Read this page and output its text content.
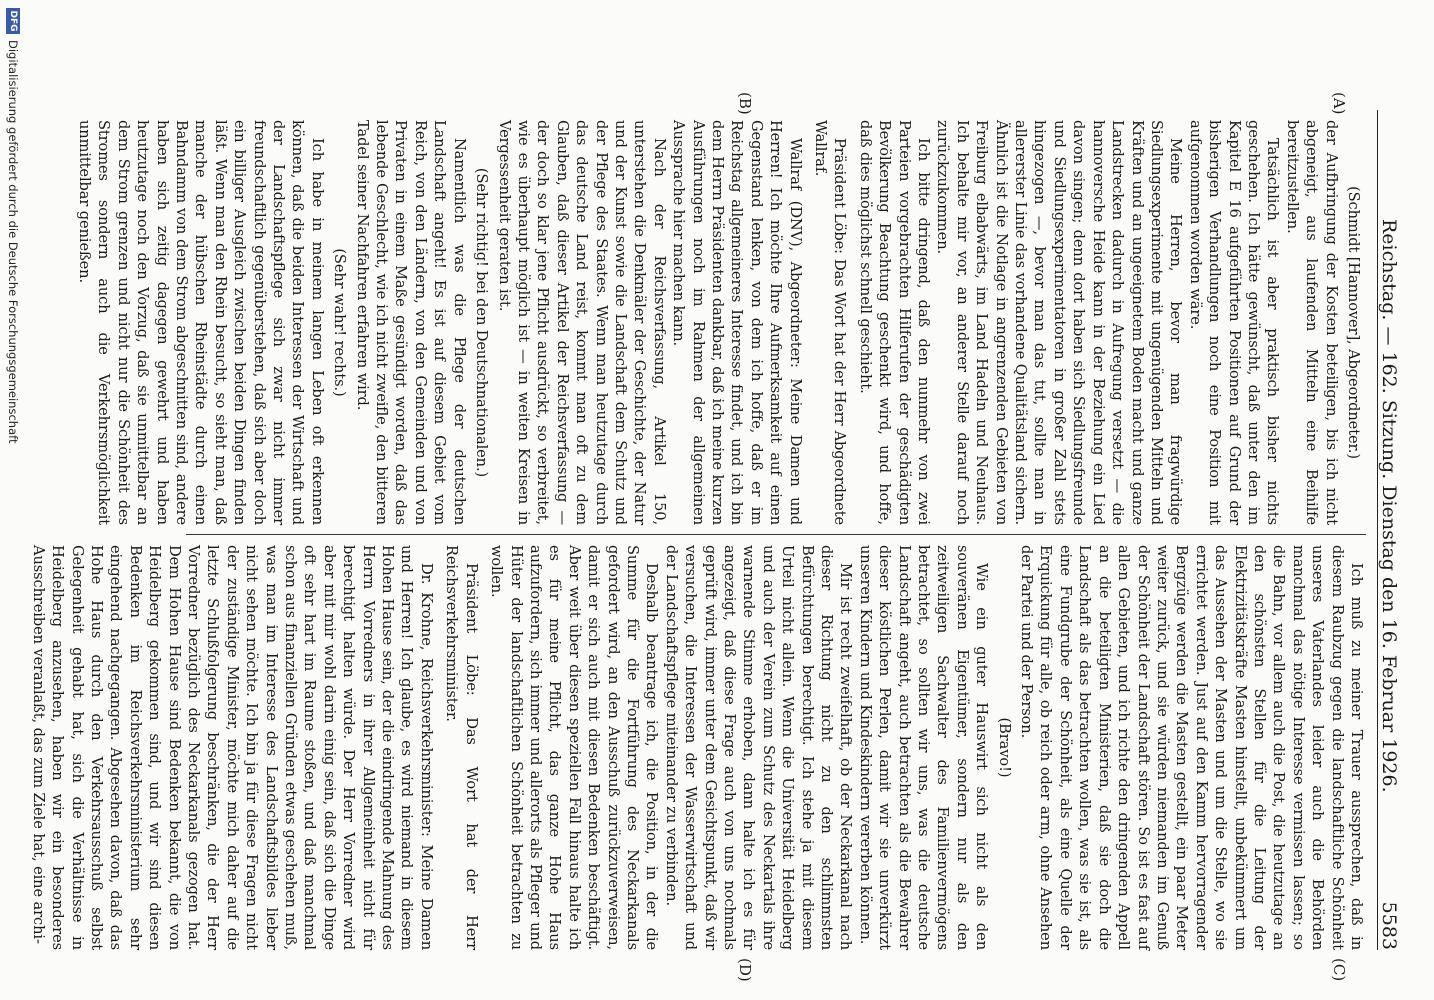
Reichstag. — 162. Sitzung. Dienstag den 16. Februar 1926.
5583
(A)
(B)
(C)
(D)

(Schmidt [Hannover], Abgeordneter.)

der Aufbringung der Kosten beteiligen, bis ich nicht abgeneigt, aus laufenden Mitteln eine Beihilfe bereitzustellen.

Tatsächlich ist aber praktisch bisher nichts geschehen. Ich hätte gewünscht, daß unter den im Kapitel E 16 aufgeführten Positionen auf Grund der bisherigen Verhandlungen noch eine Position mit aufgenommen worden wäre.

Meine Herren, bevor man fragwürdige Siedlungsexperimente mit ungenügenden Mitteln und Kräften und an ungeeignetem Boden macht und ganze Landstrecken dadurch in Aufregung versetzt — die hannoversche Heide kann in der Beziehung ein Lied davon singen; denn dort haben sich Siedlungsfreunde und Siedlungsexperimentatoren in großer Zahl stets hingezogen —, bevor man das tut, sollte man in allererster Linie das vorhandene Qualitätsland sichern. Ähnlich ist die Notlage in angrenzenden Gebieten von Freiburg elbabwärts, im Land Hadeln und Neuhaus. Ich behalte mir vor, an anderer Stelle darauf noch zurückzukommen.

Ich bitte dringend, daß den nunmehr von zwei Parteien vorgebrachten Hilferufen der geschädigten Bevölkerung Beachtung geschenkt wird, und hoffe, daß dies möglichst schnell geschieht.

Präsident Löbe: Das Wort hat der Herr Abgeordnete Wallraf.

Wallraf (DNV), Abgeordneter: Meine Damen und Herren! Ich möchte Ihre Aufmerksamkeit auf einen Gegenstand lenken, von dem ich hoffe, daß er im Reichstag allgemeineres Interesse findet, und ich bin dem Herrn Präsidenten dankbar, daß ich meine kurzen Ausführungen noch im Rahmen der allgemeinen Aussprache hier machen kann.

Nach der Reichsverfassung, Artikel 150, unterstehen die Denkmäler der Geschichte, der Natur und der Kunst sowie die Landschaft dem Schutz und der Pflege des Staates. Wenn man heutzutage durch das deutsche Land reist, kommt man oft zu dem Glauben, daß dieser Artikel der Reichsverfassung — der doch so klar jene Pflicht ausdrückt, so verbreitet, wie es überhaupt möglich ist — in weiten Kreisen in Vergessenheit geraten ist.

(Sehr richtig! bei den Deutschnationalen.)

Namentlich was die Pflege der deutschen Landschaft angeht! Es ist auf diesem Gebiet vom Reich, von den Ländern, von den Gemeinden und von Privaten in einem Maße gesündigt worden, daß das lebende Geschlecht, wie ich nicht zweifle, den bitteren Tadel seiner Nachfahren erfahren wird.

(Sehr wahr! rechts.)

Ich habe in meinem langen Leben oft erkennen können, daß die beiden Interessen der Wirtschaft und der Landschaftspflege sich zwar nicht immer freundschaftlich gegenüberstehen, daß sich aber doch ein billiger Ausgleich zwischen beiden Dingen finden läßt. Wenn man den Rhein besucht, so sieht man, daß manche der hübschen Rheinstädte durch einen Bahndamm von dem Strom abgeschnitten sind, andere haben sich zeitig dagegen gewehrt und haben heutzutage noch den Vorzug, daß sie unmittelbar an dem Strom grenzen und nicht nur die Schönheit des Stromes sondern auch die Verkehrsmöglichkeit unmittelbar genießen.

Ich muß zu meiner Trauer aussprechen, daß in diesem Raubzug gegen die landschaftliche Schönheit unseres Vaterlandes leider auch die Behörden manchmal das nötige Interesse vermissen lassen; so die Bahn, vor allem auch die Post, die heutzutage an den schönsten Stellen für die Leitung der Elektrizitätskräfte Masten hinstellt, unbekümmert um das Aussehen der Masten und um die Stelle, wo sie errichtet werden. Just auf den Kamm hervorragender Bergzüge werden die Masten gestellt, ein paar Meter weiter zurück, und sie würden niemanden im Genuß der Schönheit der Landschaft stören. So ist es fast auf allen Gebieten, und ich richte den dringenden Appell an die beteiligten Ministerien, daß sie doch die Landschaft als das betrachten wollen, was sie ist, als eine Fundgrube der Schönheit, als eine Quelle der Erquickung für alle, ob reich oder arm, ohne Ansehen der Partei und der Person.

(Bravo!)

Wie ein guter Hauswirt sich nicht als den souveränen Eigentümer, sondern nur als den zeitweiligen Sachwalter des Familienvermögens betrachtet, so sollten wir uns, was die deutsche Landschaft angeht, auch betrachten als die Bewahrer dieser köstlichen Perlen, damit wir sie unverkürzt unseren Kindern und Kindeskindern vererben können.

Mir ist recht zweifelhaft, ob der Neckarkanal nach dieser Richtung nicht zu den schlimmsten Befürchtungen berechtigt. Ich stehe ja mit diesem Urteil nicht allein. Wenn die Universität Heidelberg und auch der Verein zum Schutz des Neckartals ihre warnende Stimme erhoben, dann halte ich es für angezeigt, daß diese Frage auch von uns nochmals geprüft wird, immer unter dem Gesichtspunkt, daß wir versuchen, die Interessen der Wasserwirtschaft und der Landschaftspflege miteinander zu verbinden.

Deshalb beantrage ich, die Position, in der die Summe für die Fortführung des Neckarkanals gefordert wird, an den Ausschuß zurückzuverweisen, damit er sich auch mit diesen Bedenken beschäftigt. Aber weit über diesen speziellen Fall hinaus halte ich es für meine Pflicht, das ganze Hohe Haus aufzufordern, sich immer und allerorts als Pfleger und Hüter der landschaftlichen Schönheit betrachten zu wollen.

Präsident Löbe: Das Wort hat der Herr Reichsverkehrsminister.

Dr. Krohne, Reichsverkehrsminister: Meine Damen und Herren! Ich glaube, es wird niemand in diesem Hohen Hause sein, der die eindringende Mahnung des Herrn Vorredners in ihrer Allgemeinheit nicht für berechtigt halten würde. Der Herr Vorredner wird aber mit mir wohl darin einig sein, daß sich die Dinge oft sehr hart im Raume stoßen, und daß manchmal schon aus finanziellen Gründen etwas geschehen muß, was man im Interesse des Landschaftsbildes lieber nicht sehen möchte. Ich bin ja für diese Fragen nicht der zuständige Minister, möchte mich daher auf die letzte Schlußfolgerung beschränken, die der Herr Vorredner bezüglich des Neckarkanals gezogen hat. Dem Hohen Hause sind Bedenken bekannt, die von Heidelberg gekommen sind, und wir sind diesen Bedenken im Reichsverkehrsministerium sehr eingehend nachgegangen. Abgesehen davon, daß das Hohe Haus durch den Verkehrsausschuß selbst Gelegenheit gehabt hat, sich die Verhältnisse in Heidelberg anzusehen, haben wir ein besonderes Ausschreiben veranlaßt, das zum Ziele hat, eine archi-

DFG
Digitalisierung gefördert durch die Deutsche Forschungsgemeinschaft
